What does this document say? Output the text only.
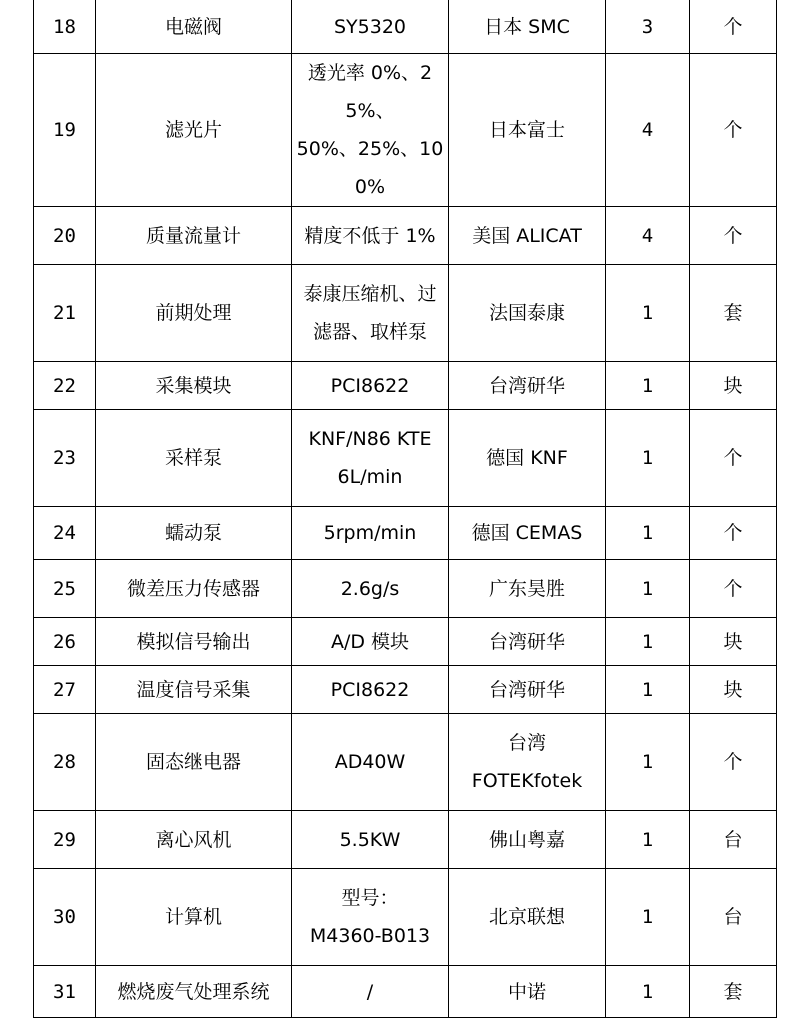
18	电磁阀	SY5320	日本 SMC	3	个
19	滤光片	透光率 0%、25%、
50%、25%、100%	日本富士	4	个
20	质量流量计	精度不低于 1%	美国 ALICAT	4	个
21	前期处理	泰康压缩机、过
滤器、取样泵	法国泰康	1	套
22	采集模块	PCI8622	台湾研华	1	块
23	采样泵	KNF/N86 KTE
6L/min	德国 KNF	1	个
24	蠕动泵	5rpm/min	德国 CEMAS	1	个
25	微差压力传感器	2.6g/s	广东昊胜	1	个
26	模拟信号输出	A/D 模块	台湾研华	1	块
27	温度信号采集	PCI8622	台湾研华	1	块
28	固态继电器	AD40W	台湾
FOTEKfotek	1	个
29	离心风机	5.5KW	佛山粤嘉	1	台
30	计算机	型号：
M4360-B013	北京联想	1	台
31	燃烧废气处理系统	/	中诺	1	套
